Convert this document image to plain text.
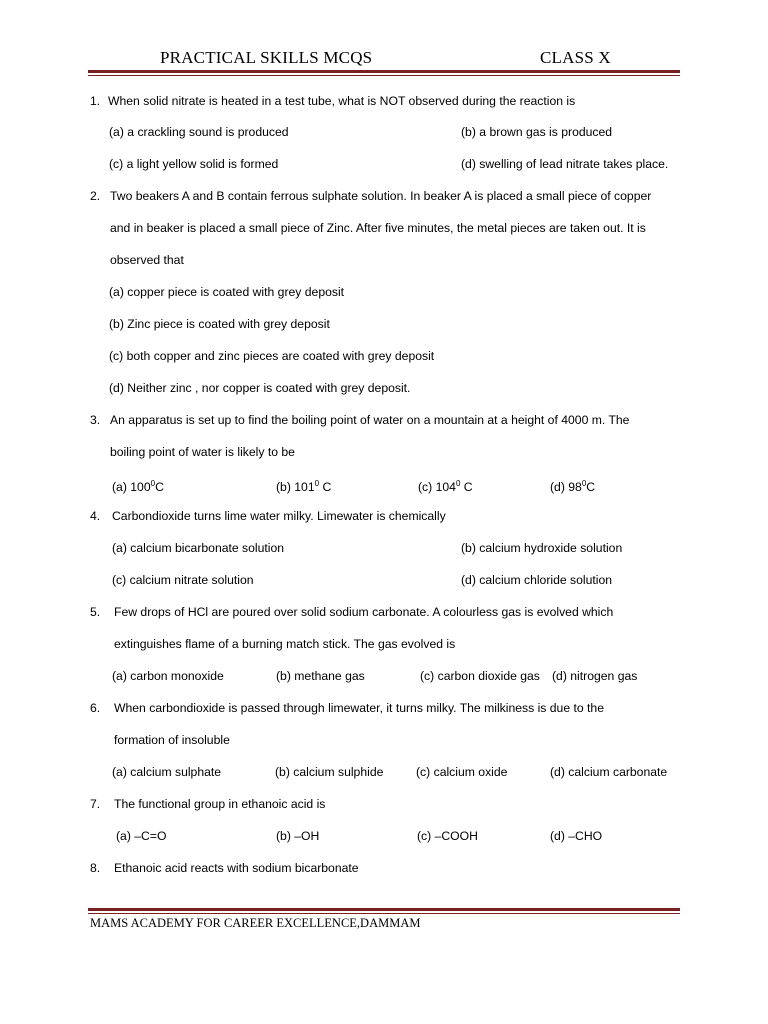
PRACTICAL SKILLS MCQS	CLASS X
1. When solid nitrate is heated in a test tube, what is NOT observed during the reaction is
(a) a crackling sound is produced	(b) a brown gas is produced
(c) a light yellow solid is formed	(d) swelling of lead nitrate takes place.
2. Two beakers A and B contain ferrous sulphate solution. In beaker A is placed a small piece of copper
and in beaker is placed a small piece of Zinc. After five minutes, the metal pieces are taken out. It is
observed that
(a) copper piece is coated with grey deposit
(b) Zinc piece is coated with grey deposit
(c) both copper and zinc pieces are coated with grey deposit
(d) Neither zinc , nor copper is coated with grey deposit.
3. An apparatus is set up to find the boiling point of water on a mountain at a height of 4000 m. The
boiling point of water is likely to be
(a) $100^0C$	(b) $101^0$ C	(c) $104^0$ C	(d) $98^0C$
4. Carbondioxide turns lime water milky. Limewater is chemically
(a) calcium bicarbonate solution	(b) calcium hydroxide solution
(c) calcium nitrate solution	(d) calcium chloride solution
5. Few drops of HCl are poured over solid sodium carbonate. A colourless gas is evolved which
extinguishes flame of a burning match stick. The gas evolved is
(a) carbon monoxide	(b) methane gas	(c) carbon dioxide gas (d) nitrogen gas
6. When carbondioxide is passed through limewater, it turns milky. The milkiness is due to the
formation of insoluble
(a) calcium sulphate	(b) calcium sulphide	(c) calcium oxide	(d) calcium carbonate
7. The functional group in ethanoic acid is
(a) –C=O	(b) –OH	(c) –COOH	(d) –CHO
8. Ethanoic acid reacts with sodium bicarbonate
MAMS ACADEMY FOR CAREER EXCELLENCE,DAMMAM
